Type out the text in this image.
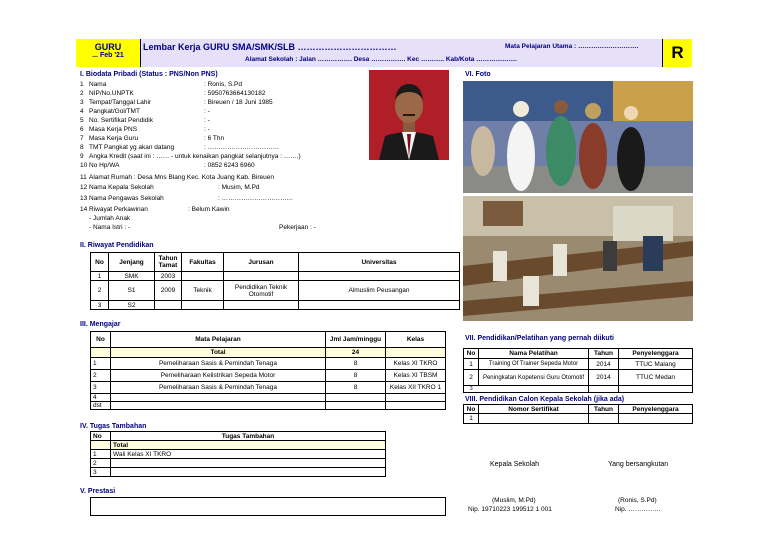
GURU
... Feb '21
Lembar Kerja GURU SMA/SMK/SLB ……………………………	Mata Pelajaran Utama : ……………………….
Alamat Sekolah : Jalan ……………. Desa ……………. Kec ……….. Kab/Kota ……………….	R
I. Biodata Pribadi (Status : PNS/Non PNS)
1 Nama	: Ronis, S.Pd
2 NIP/No.UNPTK	: 5950763664130182
3 Tempat/Tanggal Lahir	: Bireuen / 18 Juni 1985
4 Pangkat/Gol/TMT	: -
5 No. Sertifikat Pendidik	: -
6 Masa Kerja PNS	: -
7 Masa Kerja Guru	: 6 Thn
8 TMT Pangkat yg akan datang	: ……………………………
9 Angka Kredit (saat ini : …… - untuk kenaikan pangkat selanjutnya : …….)
10 No Hp/WA	: 0852 6243 6960
11 Alamat Rumah : Desa Mns Blang Kec. Kota Juang Kab. Bireuen
12 Nama Kepala Sekolah	: Musim, M.Pd
13 Nama Pengawas Sekolah	: ……………………………
14 Riwayat Perkawinan	: Belum Kawin
- Jumlah Anak
- Nama Istri : -	Pekerjaan : -
VI. Foto
II. Riwayat Pendidikan
No	Jenjang	Tahun Tamat	Fakultas	Jurusan	Universitas
1	SMK	2003			
2	S1	2009	Teknik	Pendidikan Teknik Otomotif	Almuslim Peusangan
3	S2				
III. Mengajar
No	Mata Pelajaran	Jml Jam/minggu	Kelas
	Total	24	
1	Pemeliharaan Sasis & Pemindah Tenaga	8	Kelas XI TKRO
2	Pemeliharaan Kelistrikan Sepeda Motor	8	Kelas XI TBSM
3	Pemeliharaan Sasis & Pemindah Tenaga	8	Kelas XII TKRO 1
4			
dst			
VII. Pendidikan/Pelatihan yang pernah diikuti
No	Nama Pelatihan	Tahun	Penyelenggara
1	Training Of Trainer Sepeda Motor	2014	TTUC Malang
2	Peningkatan Kopetensi Guru Otomotif	2014	TTUC Medan
3			
VIII. Pendidikan Calon Kepala Sekolah (jika ada)
No	Nomor Sertifikat	Tahun	Penyelenggara
1			
IV. Tugas Tambahan
No	Tugas Tambahan
	Total
1	Wali Kelas XI TKRO
2	
3	
V. Prestasi
Kepala Sekolah	Yang bersangkutan
(Muslim, M.Pd)
Nip. 19710223 199512 1 001
(Ronis, S.Pd)
Nip. ……………
